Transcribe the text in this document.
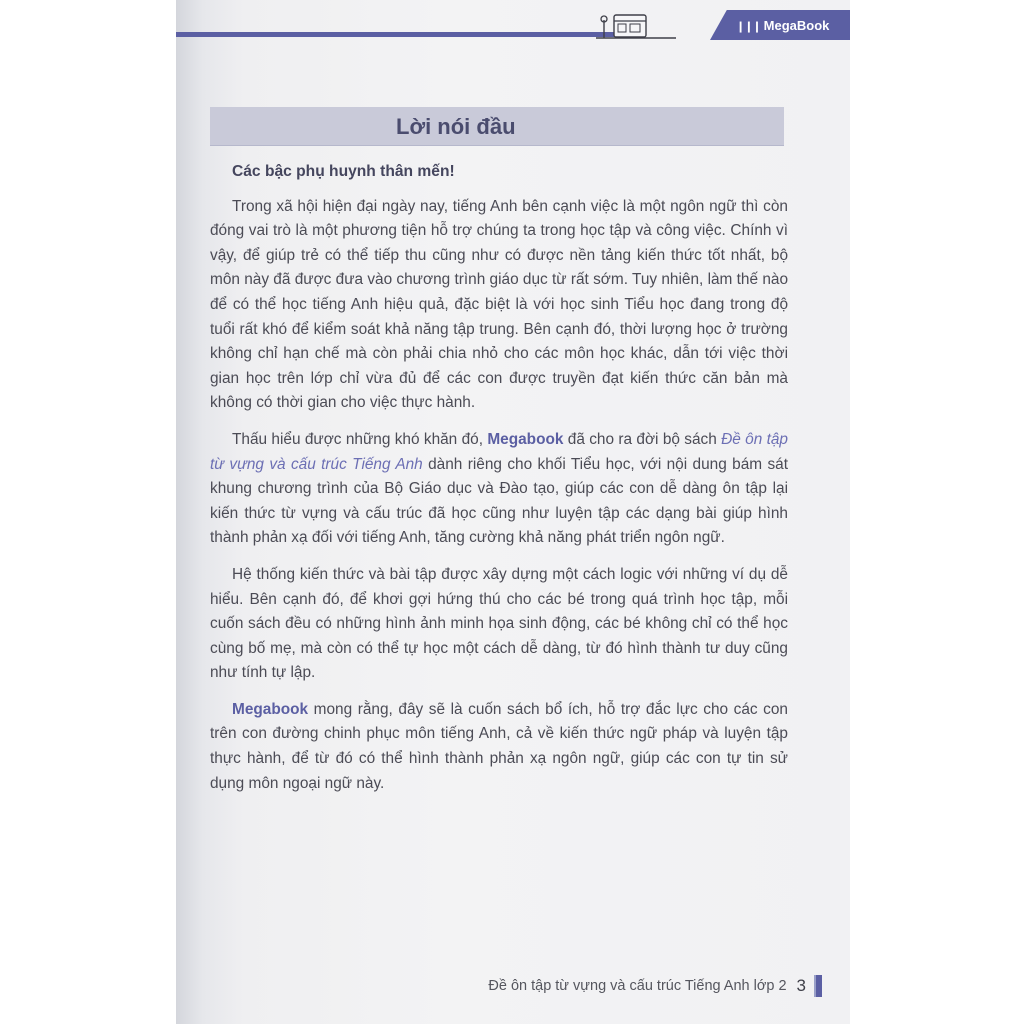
❙❙❙ MegaBook
Lời nói đầu
Các bậc phụ huynh thân mến!

Trong xã hội hiện đại ngày nay, tiếng Anh bên cạnh việc là một ngôn ngữ thì còn đóng vai trò là một phương tiện hỗ trợ chúng ta trong học tập và công việc. Chính vì vậy, để giúp trẻ có thể tiếp thu cũng như có được nền tảng kiến thức tốt nhất, bộ môn này đã được đưa vào chương trình giáo dục từ rất sớm. Tuy nhiên, làm thế nào để có thể học tiếng Anh hiệu quả, đặc biệt là với học sinh Tiểu học đang trong độ tuổi rất khó để kiểm soát khả năng tập trung. Bên cạnh đó, thời lượng học ở trường không chỉ hạn chế mà còn phải chia nhỏ cho các môn học khác, dẫn tới việc thời gian học trên lớp chỉ vừa đủ để các con được truyền đạt kiến thức căn bản mà không có thời gian cho việc thực hành.

Thấu hiểu được những khó khăn đó, Megabook đã cho ra đời bộ sách Đề ôn tập từ vựng và cấu trúc Tiếng Anh dành riêng cho khối Tiểu học, với nội dung bám sát khung chương trình của Bộ Giáo dục và Đào tạo, giúp các con dễ dàng ôn tập lại kiến thức từ vựng và cấu trúc đã học cũng như luyện tập các dạng bài giúp hình thành phản xạ đối với tiếng Anh, tăng cường khả năng phát triển ngôn ngữ.

Hệ thống kiến thức và bài tập được xây dựng một cách logic với những ví dụ dễ hiểu. Bên cạnh đó, để khơi gợi hứng thú cho các bé trong quá trình học tập, mỗi cuốn sách đều có những hình ảnh minh họa sinh động, các bé không chỉ có thể học cùng bố mẹ, mà còn có thể tự học một cách dễ dàng, từ đó hình thành tư duy cũng như tính tự lập.

Megabook mong rằng, đây sẽ là cuốn sách bổ ích, hỗ trợ đắc lực cho các con trên con đường chinh phục môn tiếng Anh, cả về kiến thức ngữ pháp và luyện tập thực hành, để từ đó có thể hình thành phản xạ ngôn ngữ, giúp các con tự tin sử dụng môn ngoại ngữ này.

Đề ôn tập từ vựng và cấu trúc Tiếng Anh lớp 2 3
